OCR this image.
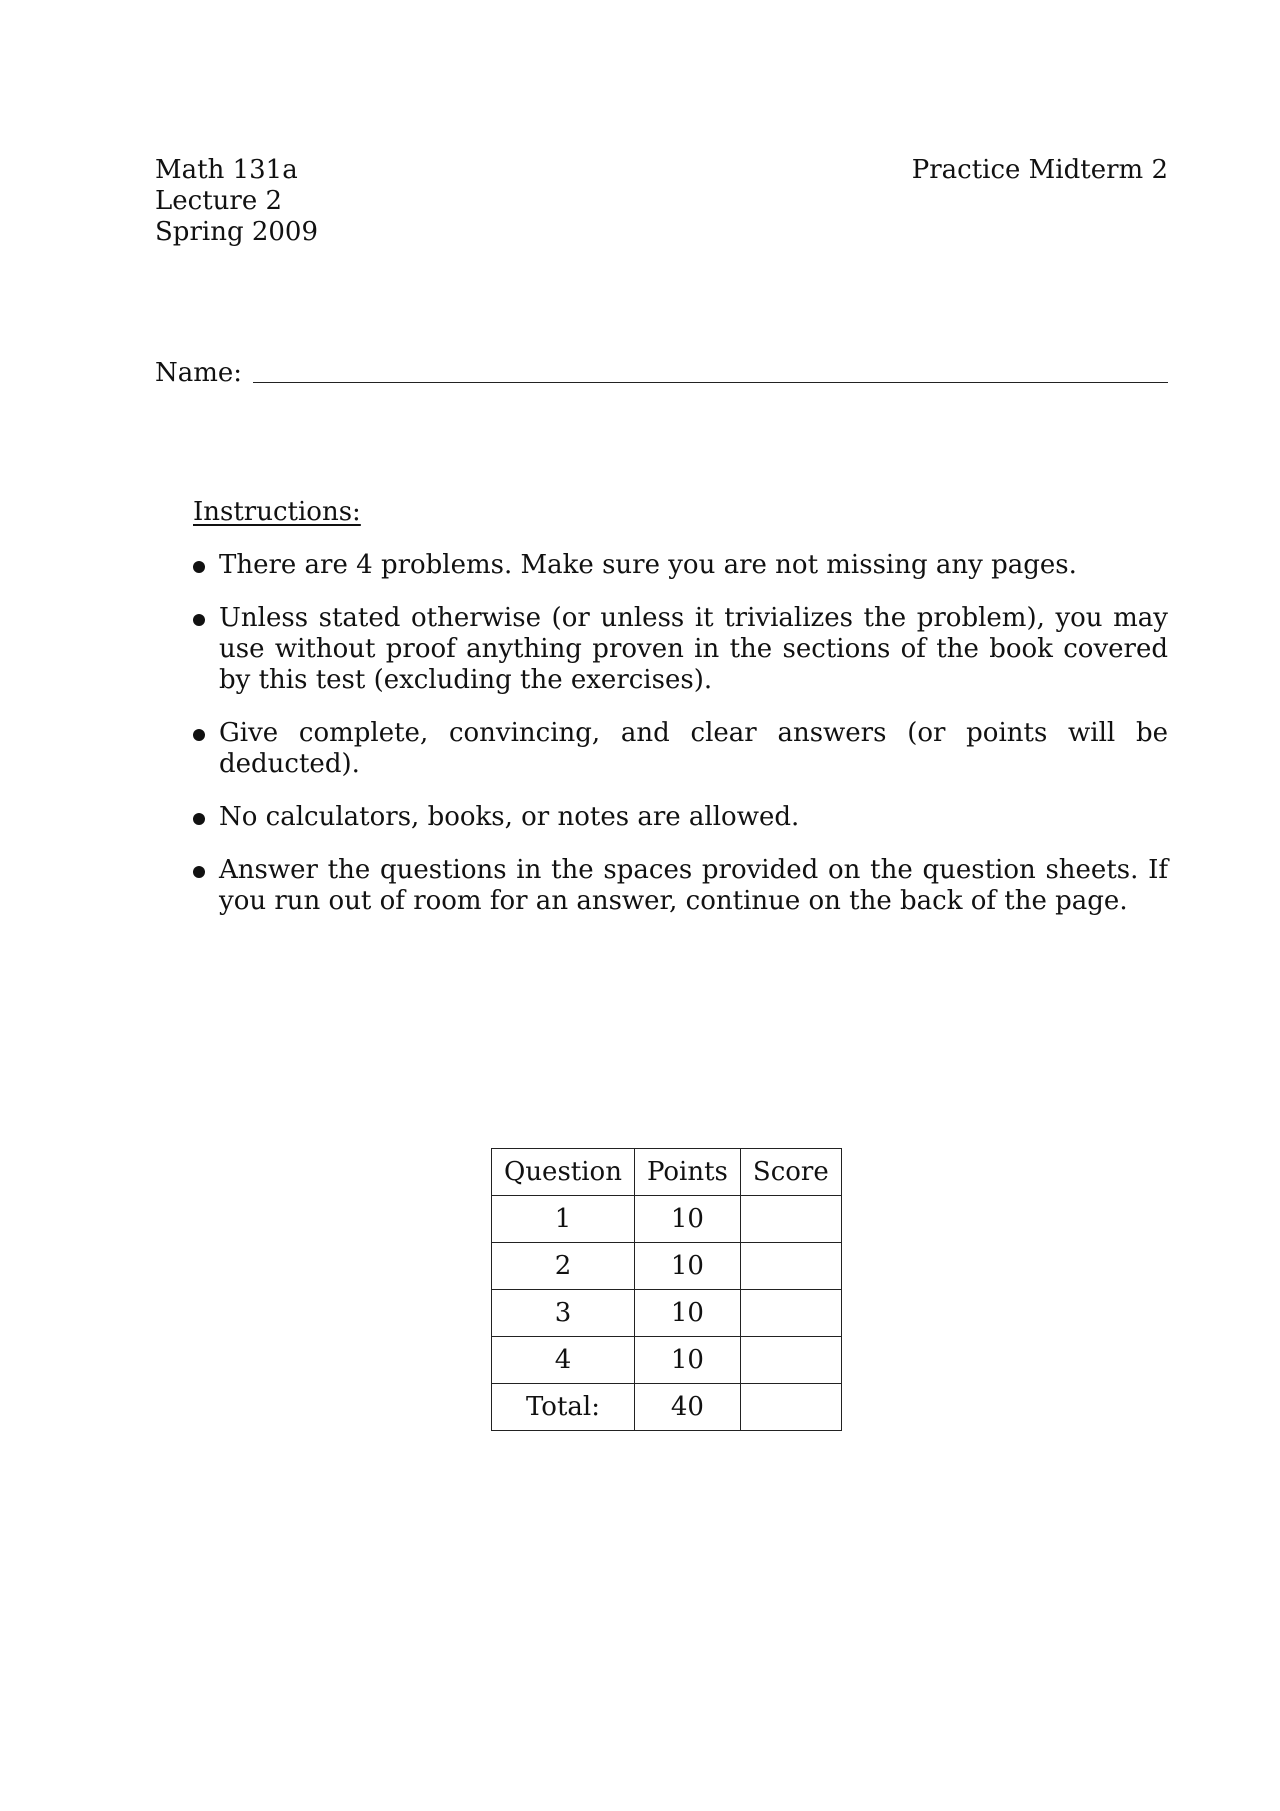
Math 131a
Lecture 2
Spring 2009
Practice Midterm 2
Name:
Instructions:
There are 4 problems. Make sure you are not missing any pages.
Unless stated otherwise (or unless it trivializes the problem), you may use without proof anything proven in the sections of the book covered by this test (excluding the exercises).
Give complete, convincing, and clear answers (or points will be deducted).
No calculators, books, or notes are allowed.
Answer the questions in the spaces provided on the question sheets. If you run out of room for an answer, continue on the back of the page.
Question	Points	Score
1	10	
2	10	
3	10	
4	10	
Total:	40	
